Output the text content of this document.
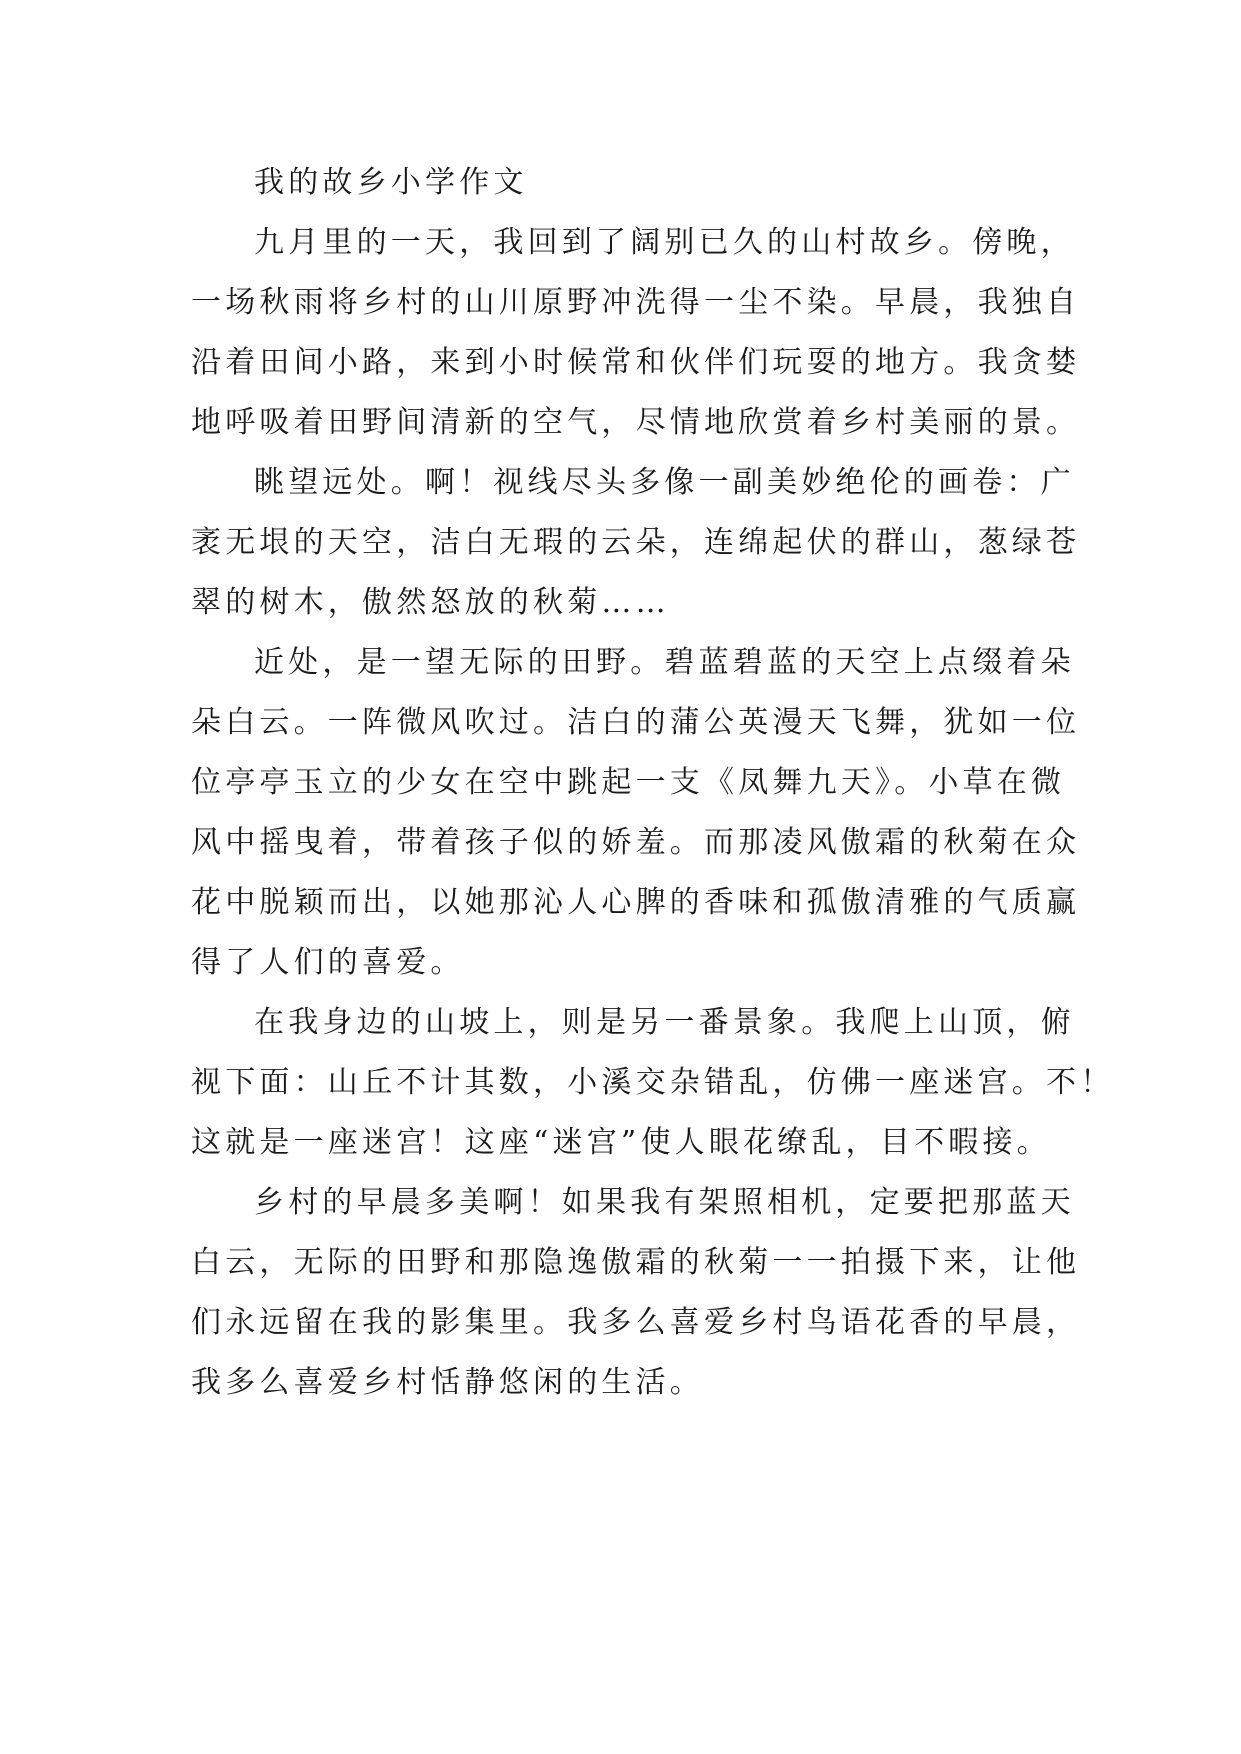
我的故乡小学作文
九月里的一天，我回到了阔别已久的山村故乡。傍晚，
一场秋雨将乡村的山川原野冲洗得一尘不染。早晨，我独自
沿着田间小路，来到小时候常和伙伴们玩耍的地方。我贪婪
地呼吸着田野间清新的空气，尽情地欣赏着乡村美丽的景。
眺望远处。啊！视线尽头多像一副美妙绝伦的画卷：广
袤无垠的天空，洁白无瑕的云朵，连绵起伏的群山，葱绿苍
翠的树木，傲然怒放的秋菊……
近处，是一望无际的田野。碧蓝碧蓝的天空上点缀着朵
朵白云。一阵微风吹过。洁白的蒲公英漫天飞舞，犹如一位
位亭亭玉立的少女在空中跳起一支《凤舞九天》。小草在微
风中摇曳着，带着孩子似的娇羞。而那凌风傲霜的秋菊在众
花中脱颖而出，以她那沁人心脾的香味和孤傲清雅的气质赢
得了人们的喜爱。
在我身边的山坡上，则是另一番景象。我爬上山顶，俯
视下面：山丘不计其数，小溪交杂错乱，仿佛一座迷宫。不！
这就是一座迷宫！这座“迷宫”使人眼花缭乱，目不暇接。
乡村的早晨多美啊！如果我有架照相机，定要把那蓝天
白云，无际的田野和那隐逸傲霜的秋菊一一拍摄下来，让他
们永远留在我的影集里。我多么喜爱乡村鸟语花香的早晨，
我多么喜爱乡村恬静悠闲的生活。
